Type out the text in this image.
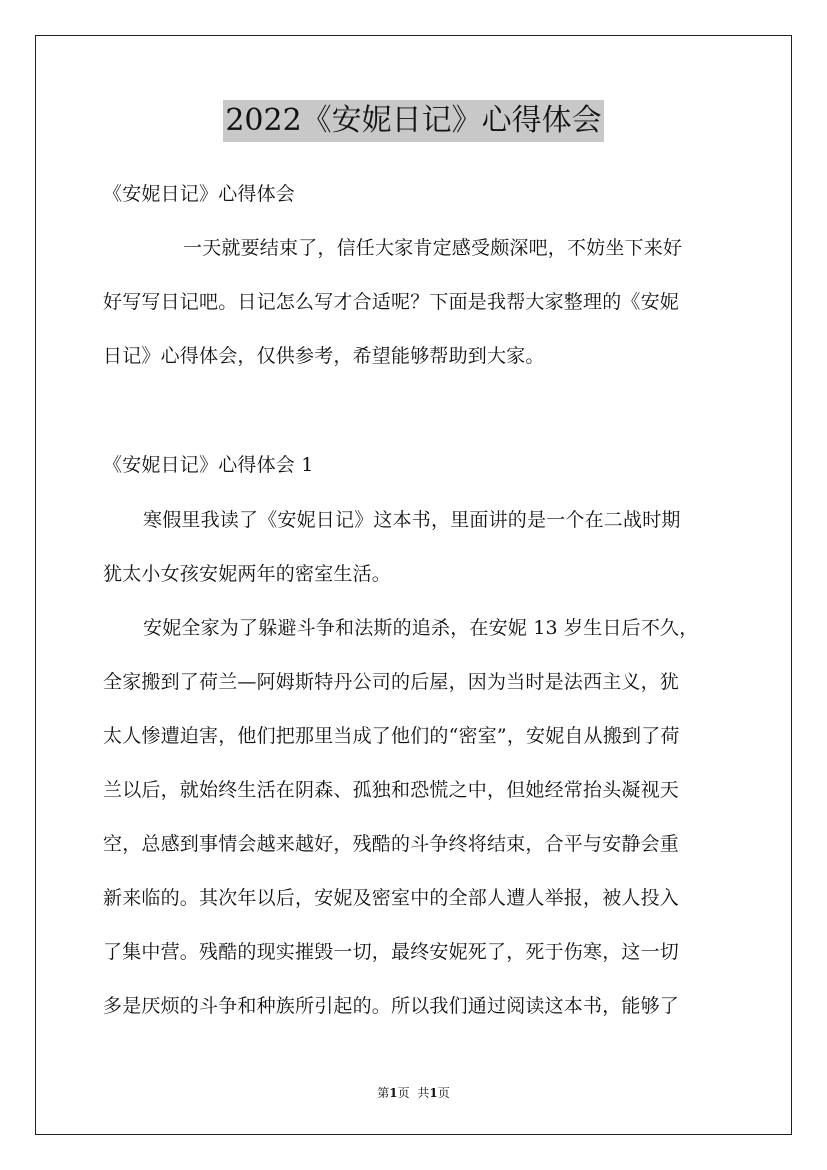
2022《安妮日记》心得体会
《安妮日记》心得体会
一天就要结束了，信任大家肯定感受颇深吧，不妨坐下来好
好写写日记吧。日记怎么写才合适呢？下面是我帮大家整理的《安妮
日记》心得体会，仅供参考，希望能够帮助到大家。
《安妮日记》心得体会 1
寒假里我读了《安妮日记》这本书，里面讲的是一个在二战时期
犹太小女孩安妮两年的密室生活。
安妮全家为了躲避斗争和法斯的追杀，在安妮 13 岁生日后不久，
全家搬到了荷兰—阿姆斯特丹公司的后屋，因为当时是法西主义，犹
太人惨遭迫害，他们把那里当成了他们的“密室”，安妮自从搬到了荷
兰以后，就始终生活在阴森、孤独和恐慌之中，但她经常抬头凝视天
空，总感到事情会越来越好，残酷的斗争终将结束，合平与安静会重
新来临的。其次年以后，安妮及密室中的全部人遭人举报，被人投入
了集中营。残酷的现实摧毁一切，最终安妮死了，死于伤寒，这一切
多是厌烦的斗争和种族所引起的。所以我们通过阅读这本书，能够了
第1页 共1页
